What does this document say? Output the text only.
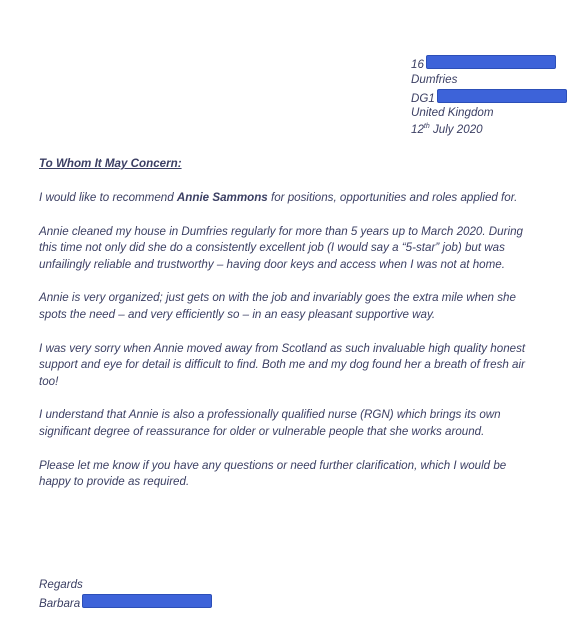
16
Dumfries
DG1
United Kingdom
12th July 2020
To Whom It May Concern:

I would like to recommend Annie Sammons for positions, opportunities and roles applied for.

Annie cleaned my house in Dumfries regularly for more than 5 years up to March 2020. During this time not only did she do a consistently excellent job (I would say a “5-star” job) but was unfailingly reliable and trustworthy – having door keys and access when I was not at home.

Annie is very organized; just gets on with the job and invariably goes the extra mile when she spots the need – and very efficiently so – in an easy pleasant supportive way.

I was very sorry when Annie moved away from Scotland as such invaluable high quality honest support and eye for detail is difficult to find. Both me and my dog found her a breath of fresh air too!

I understand that Annie is also a professionally qualified nurse (RGN) which brings its own significant degree of reassurance for older or vulnerable people that she works around.

Please let me know if you have any questions or need further clarification, which I would be happy to provide as required.

Regards
Barbara
